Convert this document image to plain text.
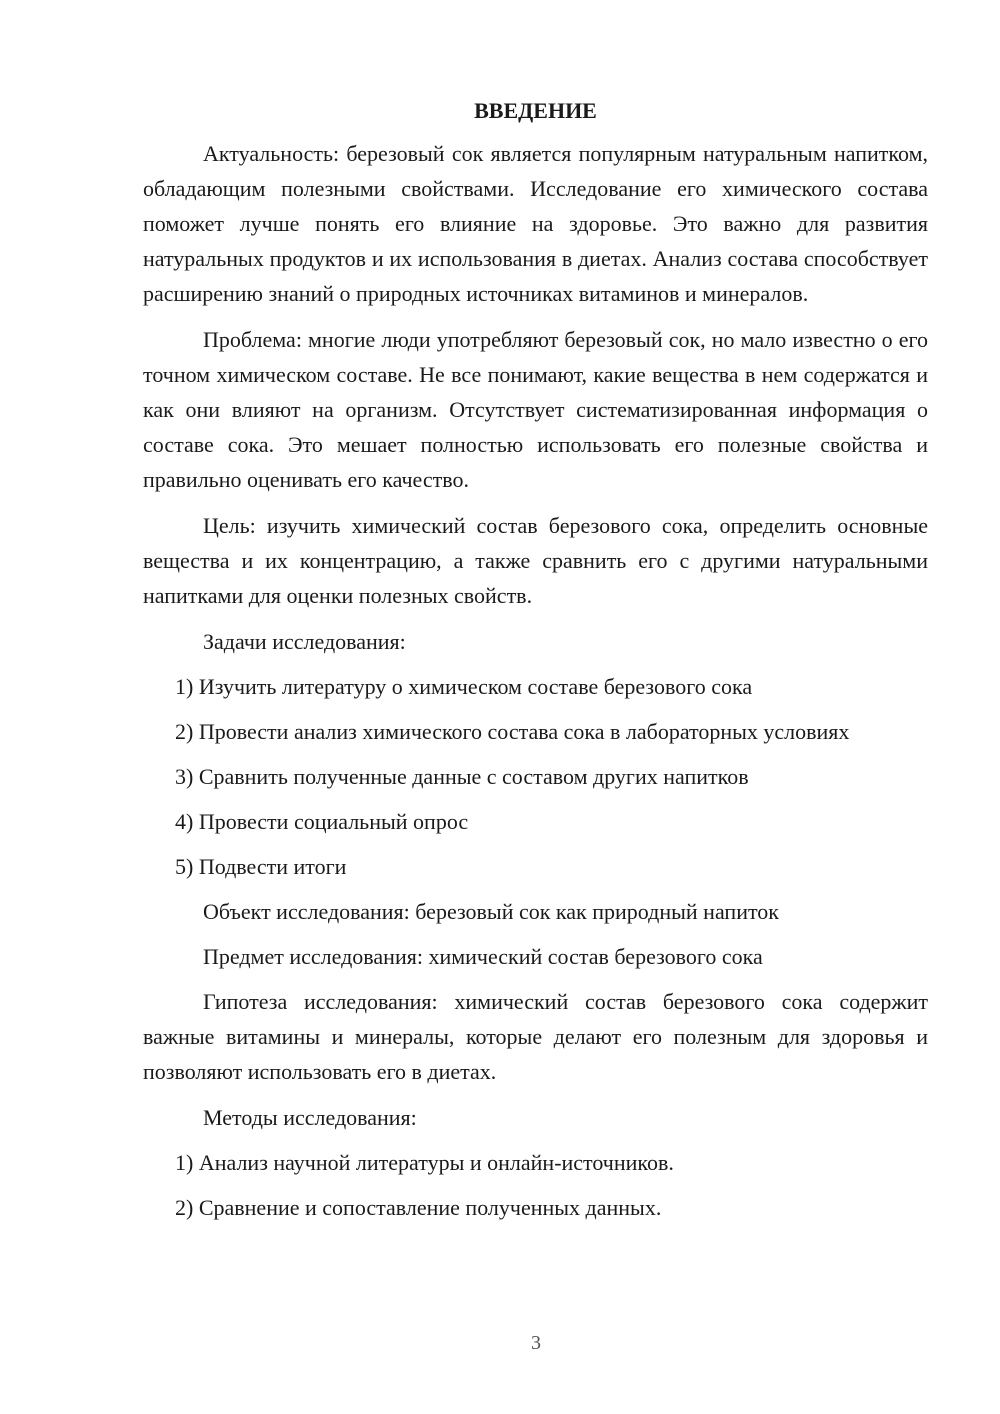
ВВЕДЕНИЕ

Актуальность: березовый сок является популярным натуральным напитком, обладающим полезными свойствами. Исследование его химического состава поможет лучше понять его влияние на здоровье. Это важно для развития натуральных продуктов и их использования в диетах. Анализ состава способствует расширению знаний о природных источниках витаминов и минералов.

Проблема: многие люди употребляют березовый сок, но мало известно о его точном химическом составе. Не все понимают, какие вещества в нем содержатся и как они влияют на организм. Отсутствует систематизированная информация о составе сока. Это мешает полностью использовать его полезные свойства и правильно оценивать его качество.

Цель: изучить химический состав березового сока, определить основные вещества и их концентрацию, а также сравнить его с другими натуральными напитками для оценки полезных свойств.

Задачи исследования:

1) Изучить литературу о химическом составе березового сока

2) Провести анализ химического состава сока в лабораторных условиях

3) Сравнить полученные данные с составом других напитков

4) Провести социальный опрос

5) Подвести итоги

Объект исследования: березовый сок как природный напиток

Предмет исследования: химический состав березового сока

Гипотеза исследования: химический состав березового сока содержит важные витамины и минералы, которые делают его полезным для здоровья и позволяют использовать его в диетах.

Методы исследования:

1) Анализ научной литературы и онлайн-источников.

2) Сравнение и сопоставление полученных данных.

3
